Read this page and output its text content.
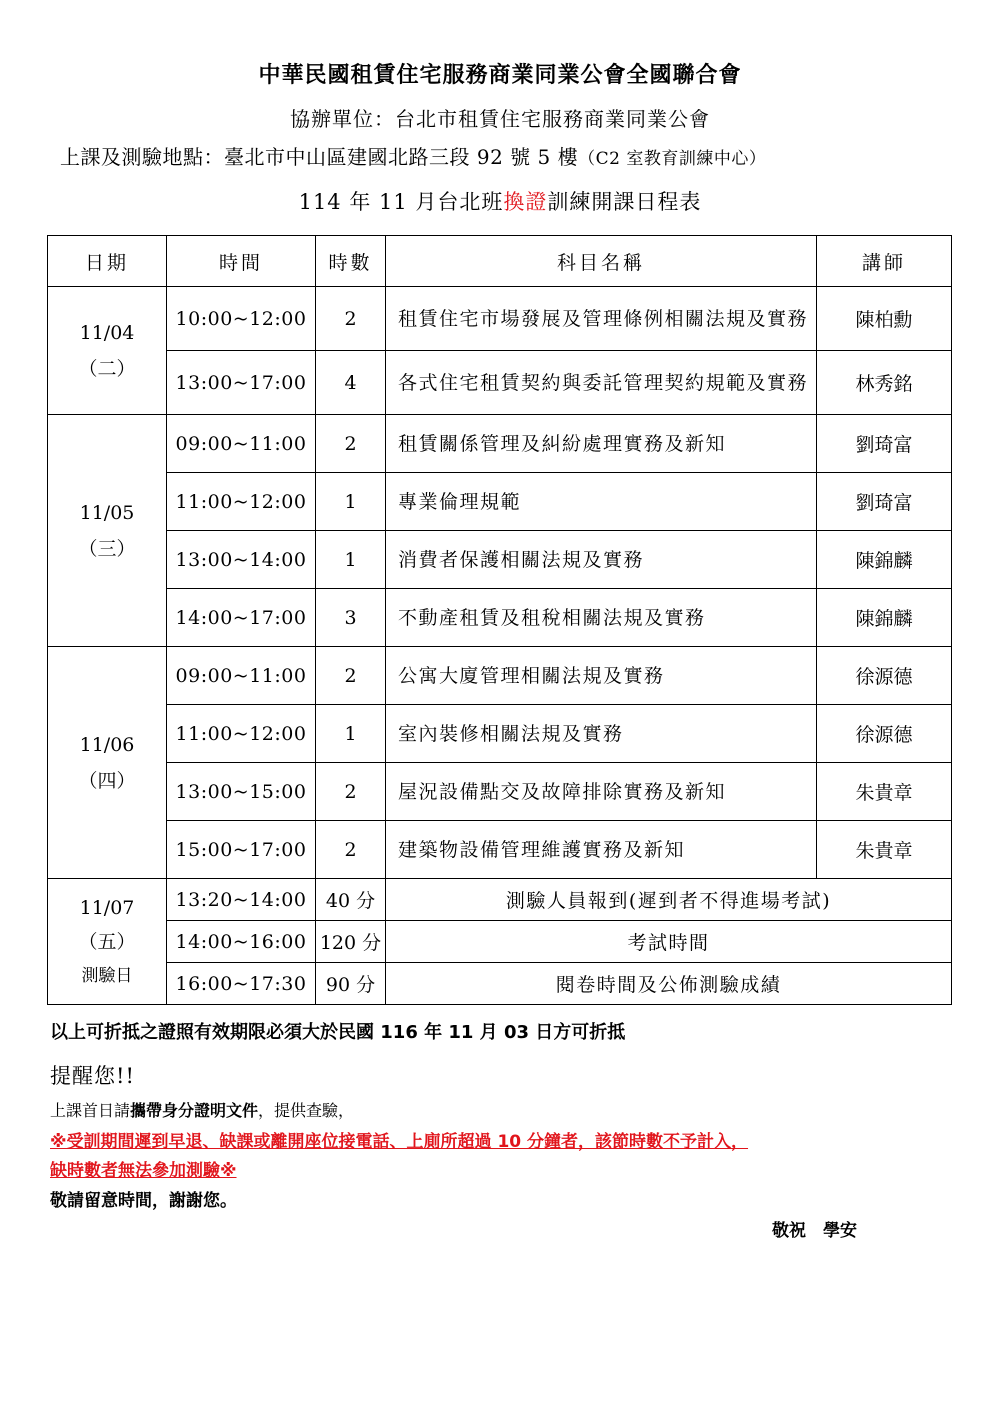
中華民國租賃住宅服務商業同業公會全國聯合會
協辦單位：台北市租賃住宅服務商業同業公會
上課及測驗地點：臺北市中山區建國北路三段 92 號 5 樓（C2 室教育訓練中心）
114 年 11 月台北班換證訓練開課日程表
日期	時間	時數	科目名稱	講師
11/04
（二）	10:00~12:00	2	租賃住宅市場發展及管理條例相關法規及實務	陳柏勳
	13:00~17:00	4	各式住宅租賃契約與委託管理契約規範及實務	林秀銘
11/05
（三）	09:00~11:00	2	租賃關係管理及糾紛處理實務及新知	劉琦富
	11:00~12:00	1	專業倫理規範	劉琦富
	13:00~14:00	1	消費者保護相關法規及實務	陳錦麟
	14:00~17:00	3	不動產租賃及租稅相關法規及實務	陳錦麟
11/06
（四）	09:00~11:00	2	公寓大廈管理相關法規及實務	徐源德
	11:00~12:00	1	室內裝修相關法規及實務	徐源德
	13:00~15:00	2	屋況設備點交及故障排除實務及新知	朱貴章
	15:00~17:00	2	建築物設備管理維護實務及新知	朱貴章
11/07
（五）
測驗日	13:20~14:00	40 分	測驗人員報到(遲到者不得進場考試)	
	14:00~16:00	120 分	考試時間	
	16:00~17:30	90 分	閱卷時間及公佈測驗成績	
以上可折抵之證照有效期限必須大於民國 116 年 11 月 03 日方可折抵
提醒您!!
上課首日請攜帶身分證明文件，提供查驗，
※受訓期間遲到早退、缺課或離開座位接電話、上廁所超過 10 分鐘者，該節時數不予計入，
缺時數者無法參加測驗※
敬請留意時間，謝謝您。
敬祝　學安
